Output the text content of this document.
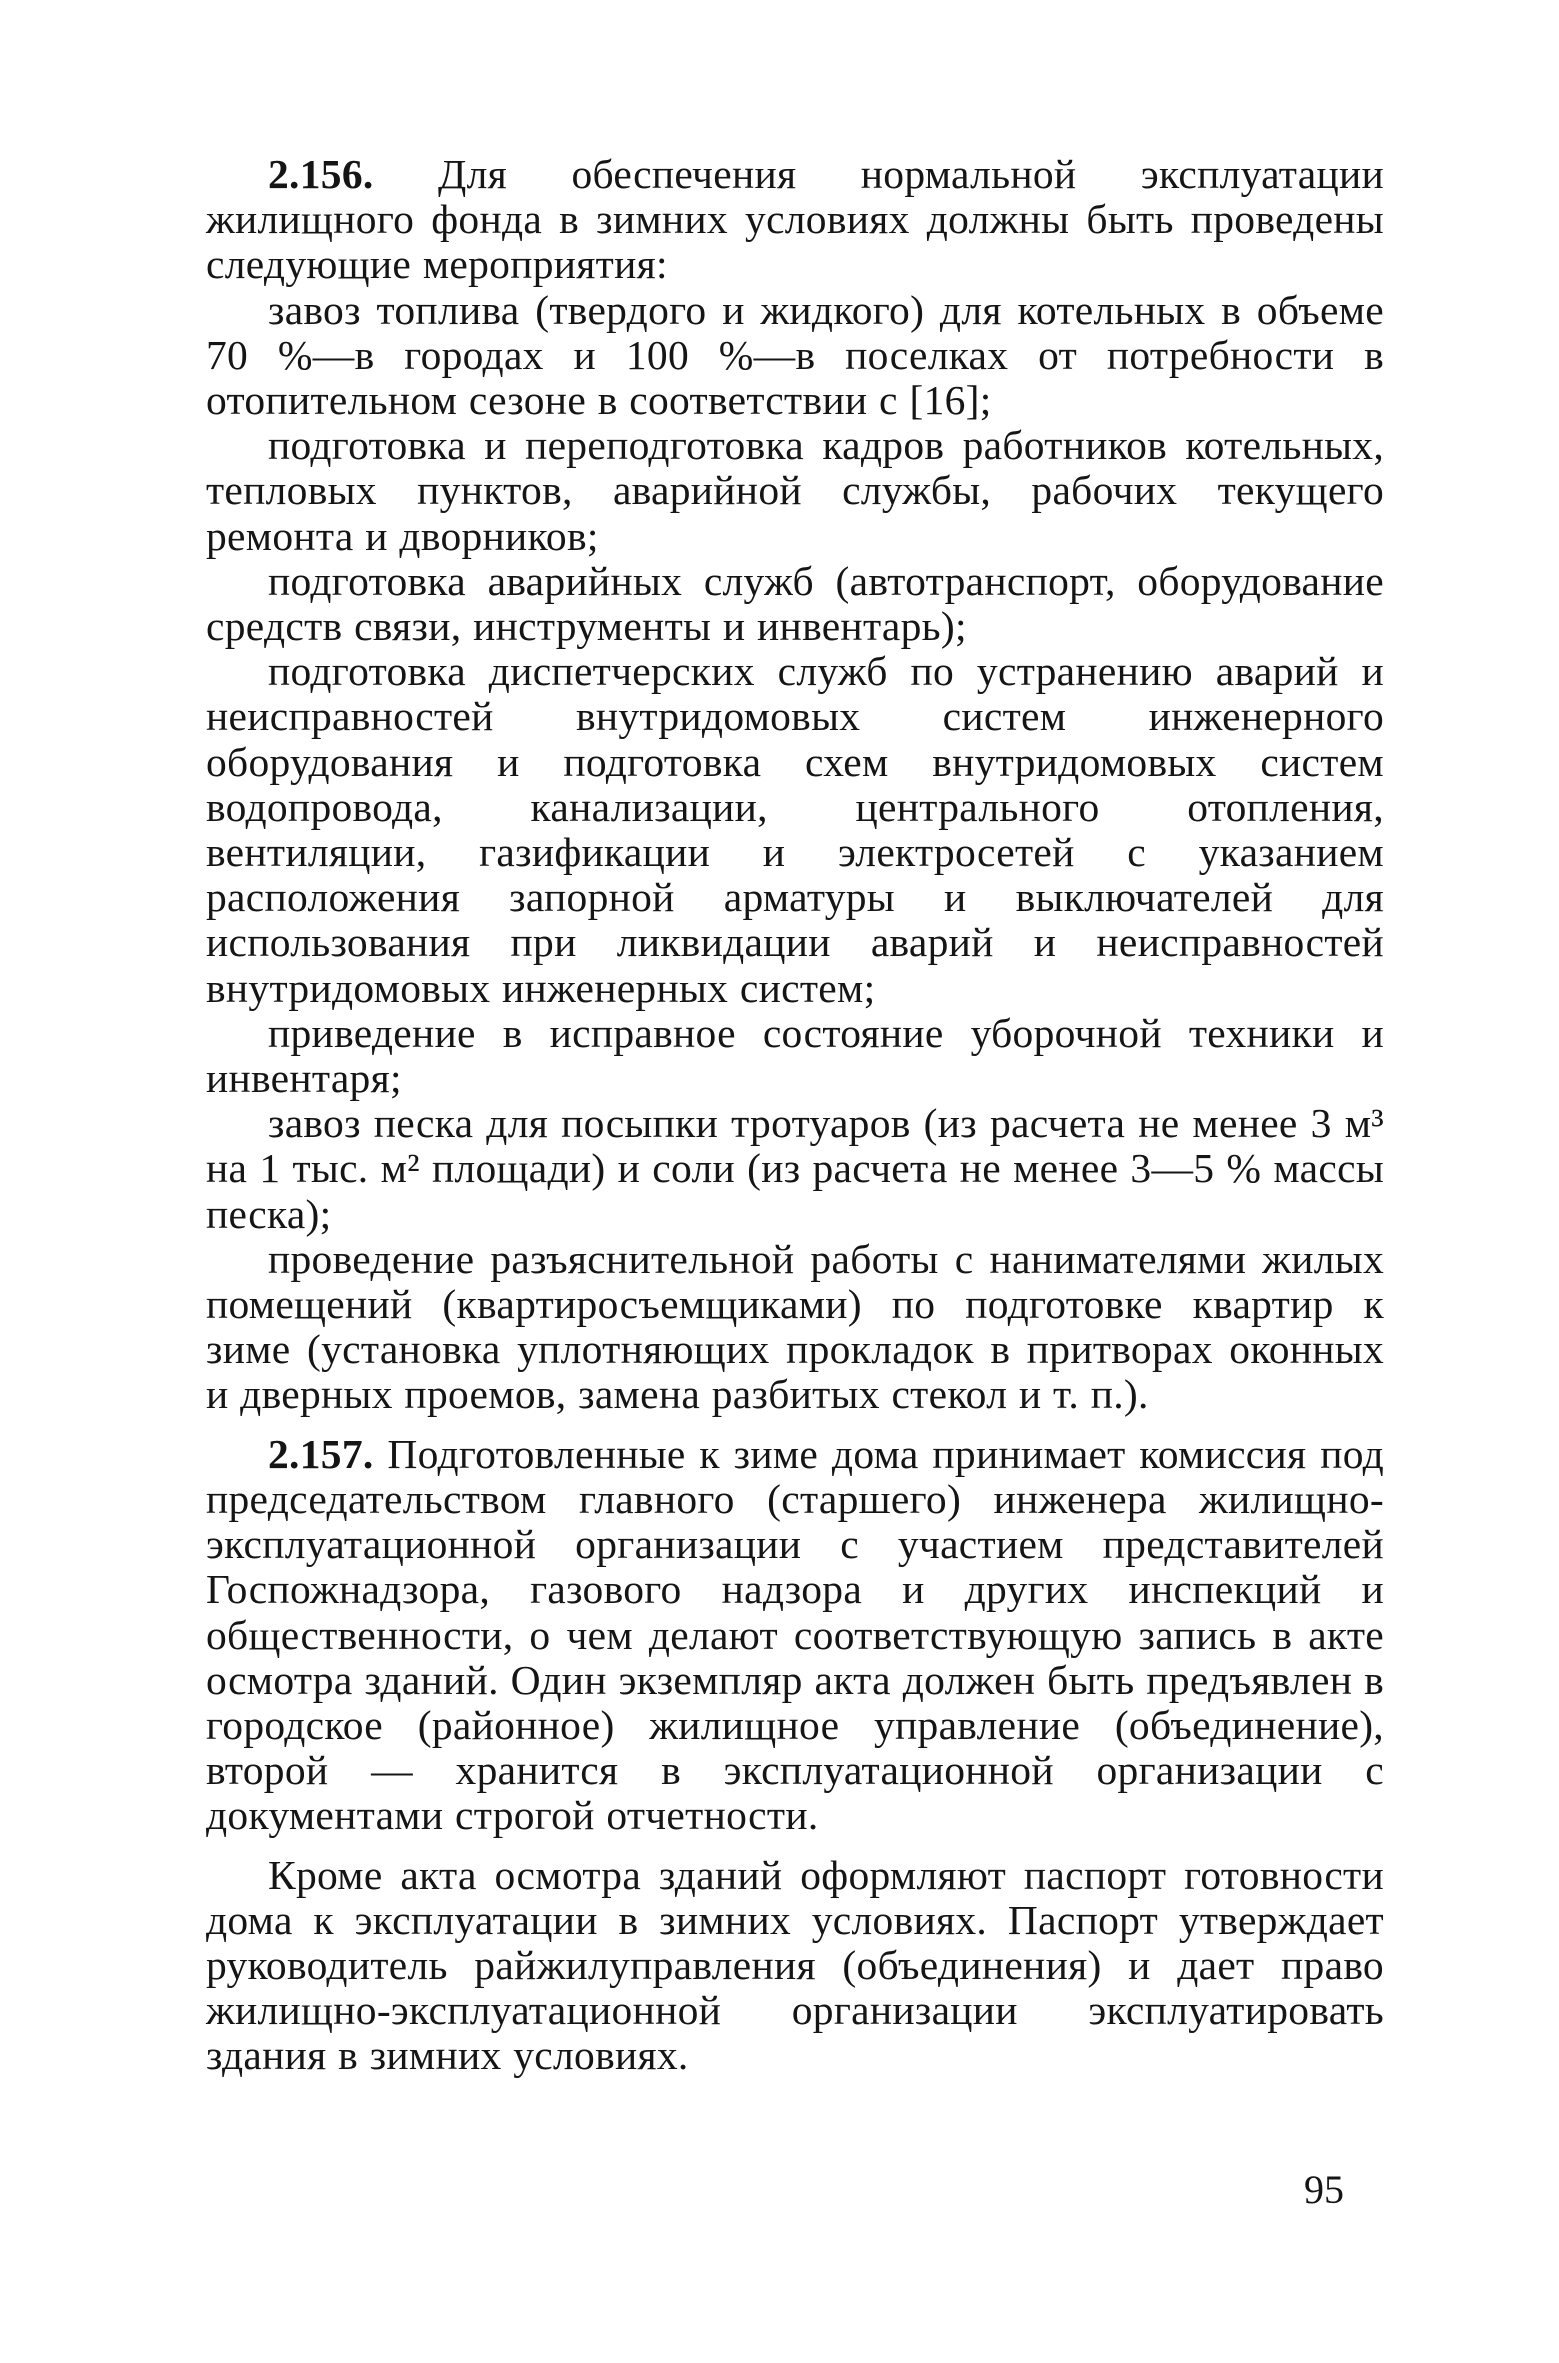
2.156. Для обеспечения нормальной эксплуатации жилищного фонда в зимних условиях должны быть проведены следующие мероприятия:

завоз топлива (твердого и жидкого) для котельных в объеме 70 %—в городах и 100 %—в поселках от потребности в отопительном сезоне в соответствии с [16];

подготовка и переподготовка кадров работников котельных, тепловых пунктов, аварийной службы, рабочих текущего ремонта и дворников;

подготовка аварийных служб (автотранспорт, оборудование средств связи, инструменты и инвентарь);

подготовка диспетчерских служб по устранению аварий и неисправностей внутридомовых систем инженерного оборудования и подготовка схем внутридомовых систем водопровода, канализации, центрального отопления, вентиляции, газификации и электросетей с указанием расположения запорной арматуры и выключателей для использования при ликвидации аварий и неисправностей внутридомовых инженерных систем;

приведение в исправное состояние уборочной техники и инвентаря;

завоз песка для посыпки тротуаров (из расчета не менее 3 м³ на 1 тыс. м² площади) и соли (из расчета не менее 3—5 % массы песка);

проведение разъяснительной работы с нанимателями жилых помещений (квартиросъемщиками) по подготовке квартир к зиме (установка уплотняющих прокладок в притворах оконных и дверных проемов, замена разбитых стекол и т. п.).

2.157. Подготовленные к зиме дома принимает комиссия под председательством главного (старшего) инженера жилищно-эксплуатационной организации с участием представителей Госпожнадзора, газового надзора и других инспекций и общественности, о чем делают соответствующую запись в акте осмотра зданий. Один экземпляр акта должен быть предъявлен в городское (районное) жилищное управление (объединение), второй — хранится в эксплуатационной организации с документами строгой отчетности.

Кроме акта осмотра зданий оформляют паспорт готовности дома к эксплуатации в зимних условиях. Паспорт утверждает руководитель райжилуправления (объединения) и дает право жилищно-эксплуатационной организации эксплуатировать здания в зимних условиях.

95
